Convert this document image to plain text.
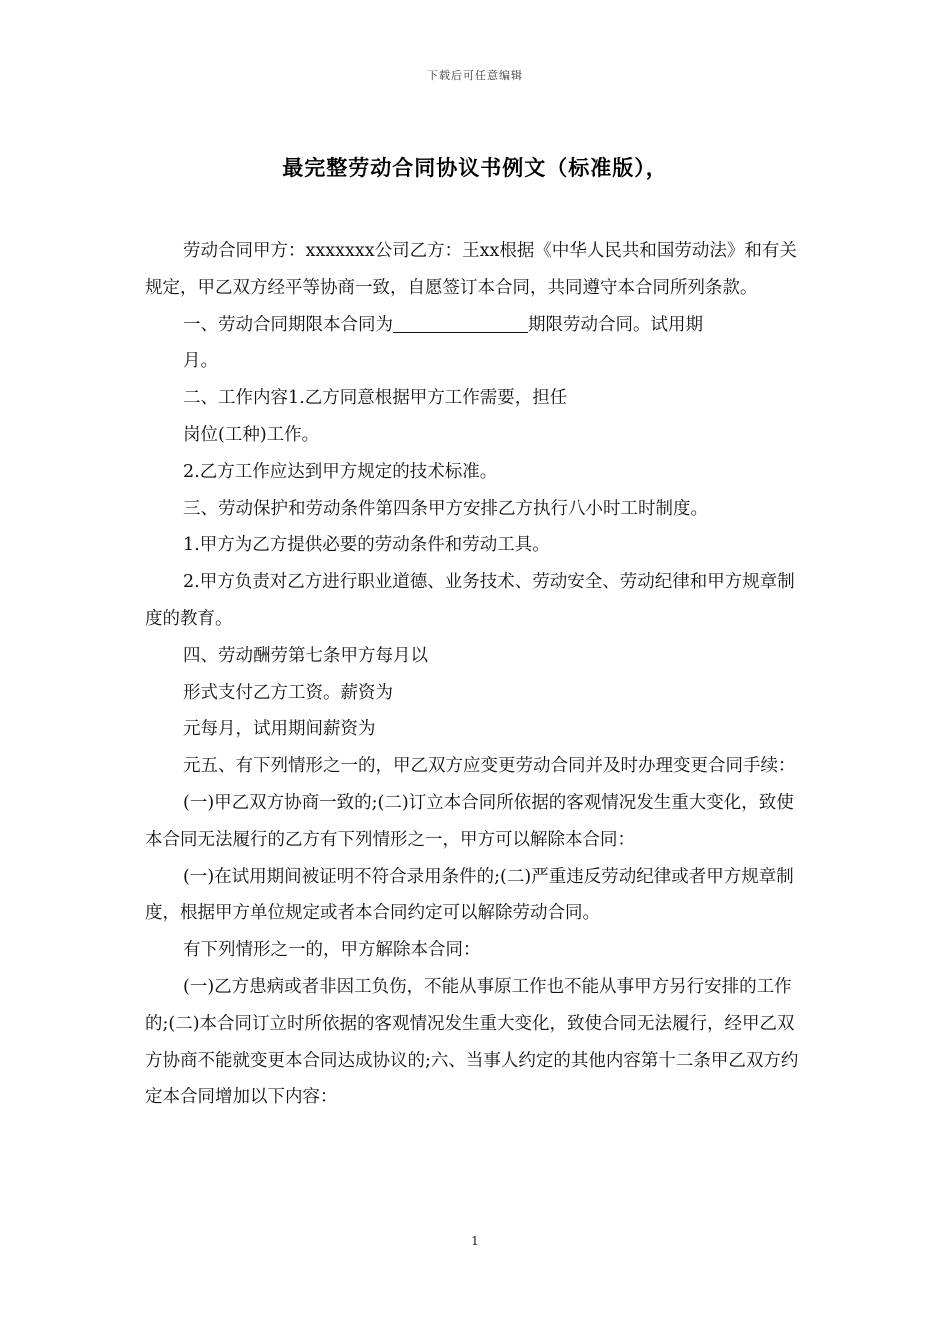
下载后可任意编辑
最完整劳动合同协议书例文（标准版），

劳动合同甲方：xxxxxxx公司乙方：王xx根据《中华人民共和国劳动法》和有关规定，甲乙双方经平等协商一致，自愿签订本合同，共同遵守本合同所列条款。

一、劳动合同期限本合同为	期限劳动合同。试用期

月。

二、工作内容1.乙方同意根据甲方工作需要，担任

岗位(工种)工作。

2.乙方工作应达到甲方规定的技术标准。

三、劳动保护和劳动条件第四条甲方安排乙方执行八小时工时制度。

1.甲方为乙方提供必要的劳动条件和劳动工具。

2.甲方负责对乙方进行职业道德、业务技术、劳动安全、劳动纪律和甲方规章制度的教育。

四、劳动酬劳第七条甲方每月以

形式支付乙方工资。薪资为

元每月，试用期间薪资为

元五、有下列情形之一的，甲乙双方应变更劳动合同并及时办理变更合同手续：

(一)甲乙双方协商一致的;(二)订立本合同所依据的客观情况发生重大变化，致使本合同无法履行的乙方有下列情形之一，甲方可以解除本合同：

(一)在试用期间被证明不符合录用条件的;(二)严重违反劳动纪律或者甲方规章制度，根据甲方单位规定或者本合同约定可以解除劳动合同。

有下列情形之一的，甲方解除本合同：

(一)乙方患病或者非因工负伤，不能从事原工作也不能从事甲方另行安排的工作的;(二)本合同订立时所依据的客观情况发生重大变化，致使合同无法履行，经甲乙双方协商不能就变更本合同达成协议的;六、当事人约定的其他内容第十二条甲乙双方约定本合同增加以下内容：

1
